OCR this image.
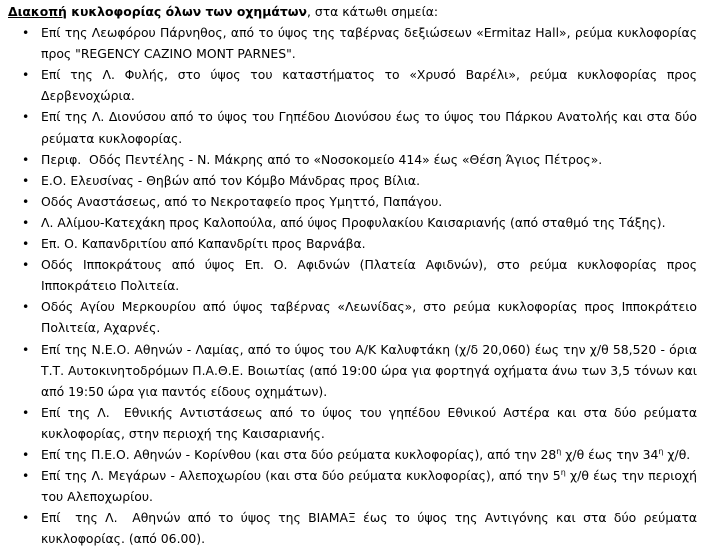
Διακοπή κυκλοφορίας όλων των οχημάτων, στα κάτωθι σημεία:

• Επί της Λεωφόρου Πάρνηθος, από το ύψος της ταβέρνας δεξιώσεων «Ermitaz Hall», ρεύμα κυκλοφορίας προς "REGENCY CAZINO MONT PARNES".
• Επί της Λ. Φυλής, στο ύψος του καταστήματος το «Χρυσό Βαρέλι», ρεύμα κυκλοφορίας προς Δερβενοχώρια.
• Επί της Λ. Διονύσου από το ύψος του Γηπέδου Διονύσου έως το ύψος του Πάρκου Ανατολής και στα δύο ρεύματα κυκλοφορίας.
• Περιφ.  Οδός Πεντέλης - Ν. Μάκρης από το «Νοσοκομείο 414» έως «Θέση Άγιος Πέτρος».
• Ε.Ο. Ελευσίνας - Θηβών από τον Κόμβο Μάνδρας προς Βίλια.
• Οδός Αναστάσεως, από το Νεκροταφείο προς Υμηττό, Παπάγου.
• Λ. Αλίμου-Κατεχάκη προς Καλοπούλα, από ύψος Προφυλακίου Καισαριανής (από σταθμό της Τάξης).
• Επ. Ο. Καπανδριτίου από Καπανδρίτι προς Βαρνάβα.
• Οδός Ιπποκράτους από ύψος Επ. Ο. Αφιδνών (Πλατεία Αφιδνών), στο ρεύμα κυκλοφορίας προς Ιπποκράτειο Πολιτεία.
• Οδός Αγίου Μερκουρίου από ύψος ταβέρνας «Λεωνίδας», στο ρεύμα κυκλοφορίας προς Ιπποκράτειο Πολιτεία, Αχαρνές.
• Επί της Ν.Ε.Ο. Αθηνών - Λαμίας, από το ύψος του Α/Κ Καλυφτάκη (χ/δ 20,060) έως την χ/θ 58,520 - όρια Τ.Τ. Αυτοκινητοδρόμων Π.Α.Θ.Ε. Βοιωτίας (από 19:00 ώρα για φορτηγά οχήματα άνω των 3,5 τόνων και από 19:50 ώρα για παντός είδους οχημάτων).
• Επί της Λ.  Εθνικής Αντιστάσεως από το ύψος του γηπέδου Εθνικού Αστέρα και στα δύο ρεύματα κυκλοφορίας, στην περιοχή της Καισαριανής.
• Επί της Π.Ε.Ο. Αθηνών - Κορίνθου (και στα δύο ρεύματα κυκλοφορίας), από την $28^\eta$ χ/θ έως την $34^\eta$ χ/θ.
• Επί της Λ. Μεγάρων - Αλεποχωρίου (και στα δύο ρεύματα κυκλοφορίας), από την $5^\eta$ χ/θ έως την περιοχή του Αλεποχωρίου.
• Επί  της Λ.  Αθηνών από το ύψος της ΒΙΑΜΑΞ έως το ύψος της Αντιγόνης και στα δύο ρεύματα κυκλοφορίας. (από 06.00).
